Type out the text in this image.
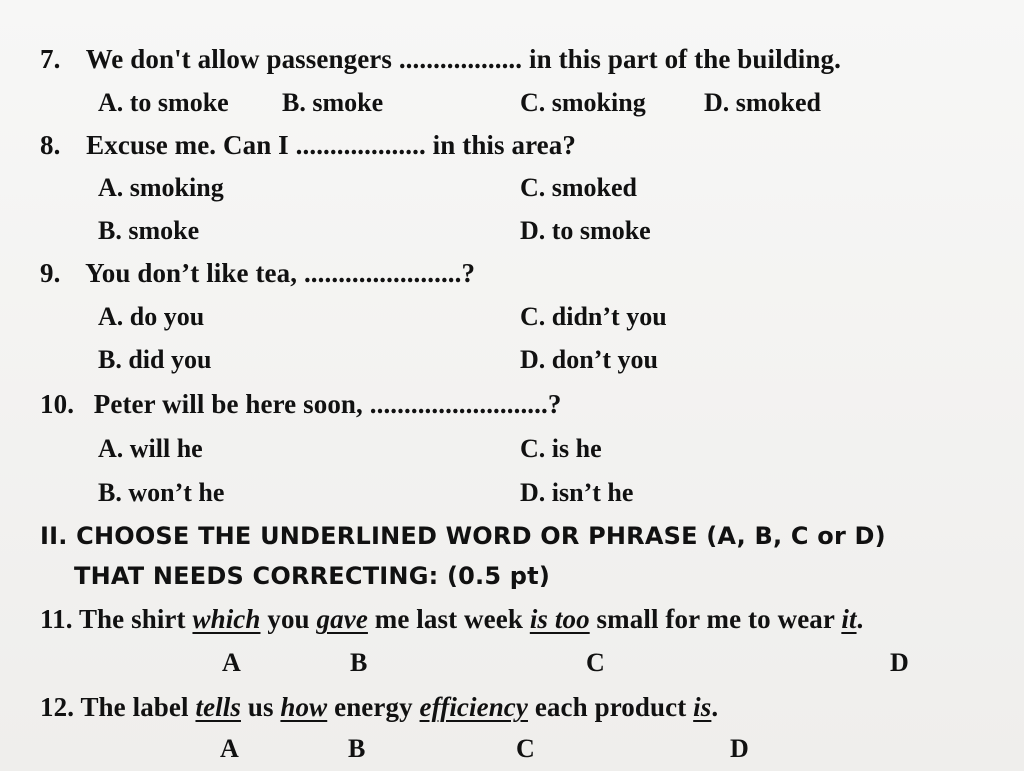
7. We don't allow passengers .................. in this part of the building.
A. to smoke B. smoke	C. smoking D. smoked
8. Excuse me. Can I ................... in this area?
A. smoking	C. smoked
B. smoke	D. to smoke
9. You don’t like tea, .......................?
A. do you	C. didn’t you
B. did you	D. don’t you
10. Peter will be here soon, ..........................?
A. will he	C. is he
B. won’t he	D. isn’t he
II. CHOOSE THE UNDERLINED WORD OR PHRASE (A, B, C or D)
THAT NEEDS CORRECTING: (0.5 pt)
11. The shirt which you gave me last week is too small for me to wear it.
A	B	C	D
12. The label tells us how energy efficiency each product is.
A	B	C	D
